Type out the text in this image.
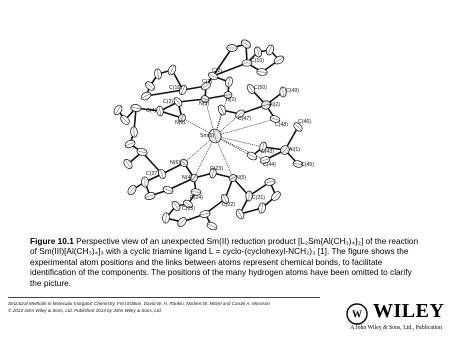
C(10)
C(2)
C(50)	C(49)
C(16)
C(1)
N(2)
N(3)
C(3)
C(4)
N(1)
C(47)
Al(2)
C(48) C(46)
Sm(1)
C(43)	Al(1)
C(44)	C(45)
N(6)
C(37)
C(23)
N(4)	N(5)
C(24)
C(25)
C(22)
C(31)
Figure 10.1 Perspective view of an unexpected Sm(II) reduction product [L₂Sm{Al(CH₃)₄}₂] of the reaction of Sm(III)[Al(CH₃)₄]₃ with a cyclic triamine ligand L = cyclo-(cyclohexyl-NCH₂)₃ [1]. The figure shows the experimental atom positions and the links between atoms represent chemical bonds, to facilitate identification of the components. The positions of the many hydrogen atoms have been omitted to clarify the picture.
Structural Methods in Molecular Inorganic Chemistry, First Edition. David W. H. Rankin, Norbert W. Mitzel and Carole A. Morrison
© 2013 John Wiley & Sons, Ltd. Published 2013 by John Wiley & Sons, Ltd.	W WILEY
A John Wiley & Sons, Ltd., Publication
